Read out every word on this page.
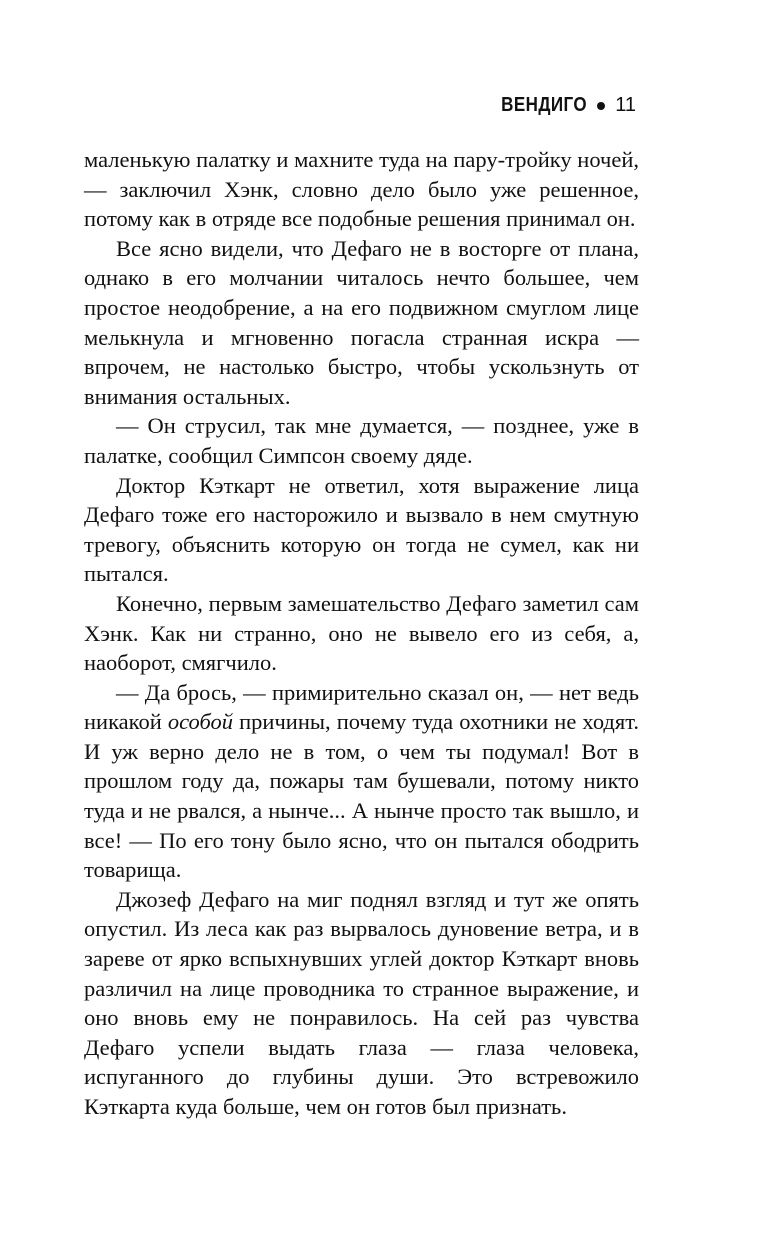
ВЕНДИГО 11

маленькую палатку и махните туда на пару-тройку ночей, — заключил Хэнк, словно дело было уже решенное, потому как в отряде все подобные решения принимал он.

Все ясно видели, что Дефаго не в восторге от плана, однако в его молчании читалось нечто большее, чем простое неодобрение, а на его подвижном смуглом лице мелькнула и мгновенно погасла странная искра — впрочем, не настолько быстро, чтобы ускользнуть от внимания остальных.

— Он струсил, так мне думается, — позднее, уже в палатке, сообщил Симпсон своему дяде.

Доктор Кэткарт не ответил, хотя выражение лица Дефаго тоже его насторожило и вызвало в нем смутную тревогу, объяснить которую он тогда не сумел, как ни пытался.

Конечно, первым замешательство Дефаго заметил сам Хэнк. Как ни странно, оно не вывело его из себя, а, наоборот, смягчило.

— Да брось, — примирительно сказал он, — нет ведь никакой особой причины, почему туда охотники не ходят. И уж верно дело не в том, о чем ты подумал! Вот в прошлом году да, пожары там бушевали, потому никто туда и не рвался, а нынче... А нынче просто так вышло, и все! — По его тону было ясно, что он пытался ободрить товарища.

Джозеф Дефаго на миг поднял взгляд и тут же опять опустил. Из леса как раз вырвалось дуновение ветра, и в зареве от ярко вспыхнувших углей доктор Кэткарт вновь различил на лице проводника то странное выражение, и оно вновь ему не понравилось. На сей раз чувства Дефаго успели выдать глаза — глаза человека, испуганного до глубины души. Это встревожило Кэткарта куда больше, чем он готов был признать.
